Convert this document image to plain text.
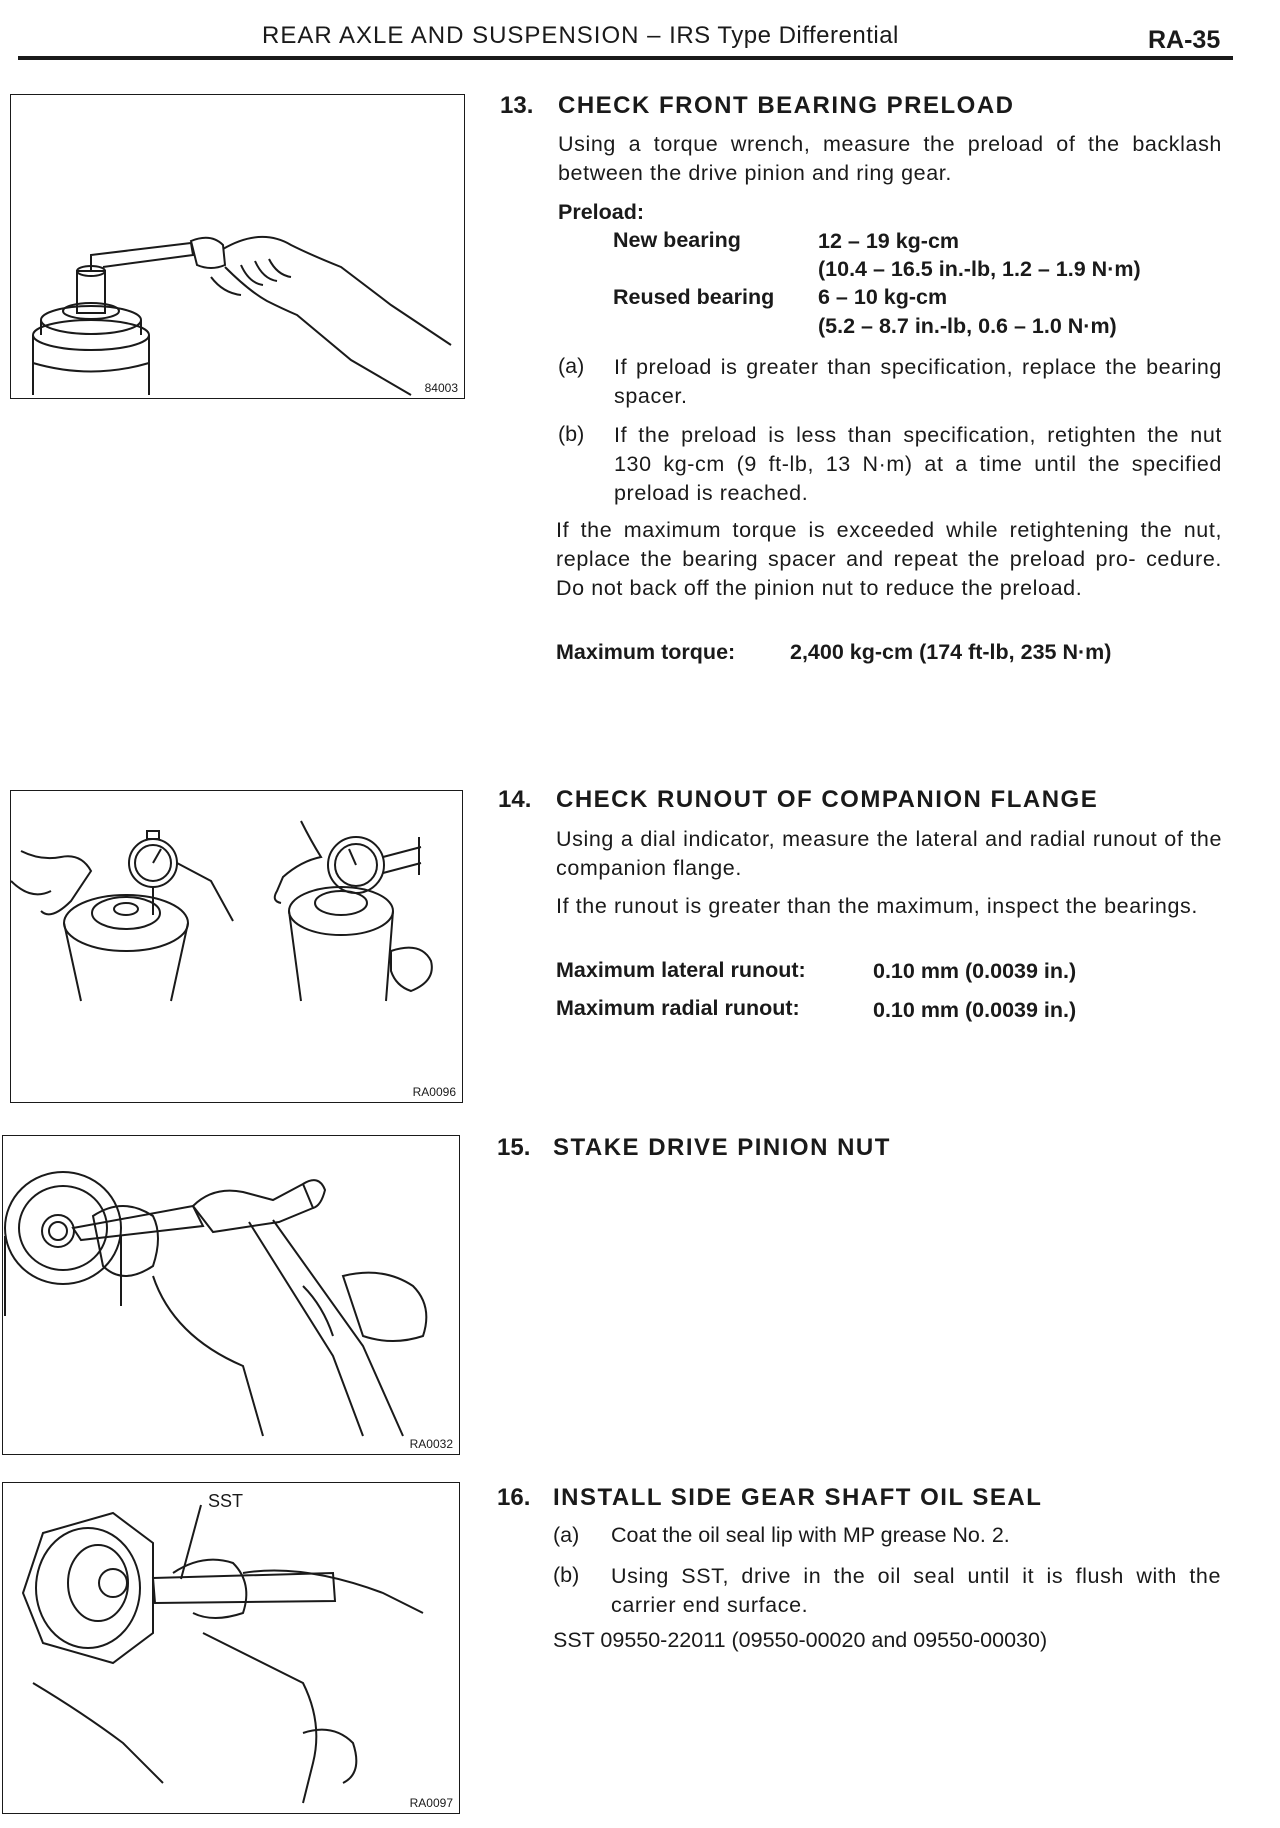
REAR AXLE AND SUSPENSION – IRS Type Differential	RA-35
84003
RA0096
RA0032
SST
RA0097
13. CHECK FRONT BEARING PRELOAD
Using a torque wrench, measure the preload of the backlash between the drive pinion and ring gear.
Preload:
New bearing	12 – 19 kg-cm
(10.4 – 16.5 in.-lb, 1.2 – 1.9 N·m)
Reused bearing 6 – 10 kg-cm
(5.2 – 8.7 in.-lb, 0.6 – 1.0 N·m)
(a) If preload is greater than specification, replace the bearing spacer.
(b) If the preload is less than specification, retighten the nut 130 kg-cm (9 ft-lb, 13 N·m) at a time until the specified preload is reached.
If the maximum torque is exceeded while retightening the nut, replace the bearing spacer and repeat the preload pro- cedure. Do not back off the pinion nut to reduce the preload.
Maximum torque:	2,400 kg-cm (174 ft-lb, 235 N·m)
14. CHECK RUNOUT OF COMPANION FLANGE
Using a dial indicator, measure the lateral and radial runout of the companion flange.
If the runout is greater than the maximum, inspect the bearings.
Maximum lateral runout:	0.10 mm (0.0039 in.)
Maximum radial runout:	0.10 mm (0.0039 in.)
15. STAKE DRIVE PINION NUT
16. INSTALL SIDE GEAR SHAFT OIL SEAL
(a) Coat the oil seal lip with MP grease No. 2.
(b) Using SST, drive in the oil seal until it is flush with the carrier end surface.
SST 09550-22011 (09550-00020 and 09550-00030)
